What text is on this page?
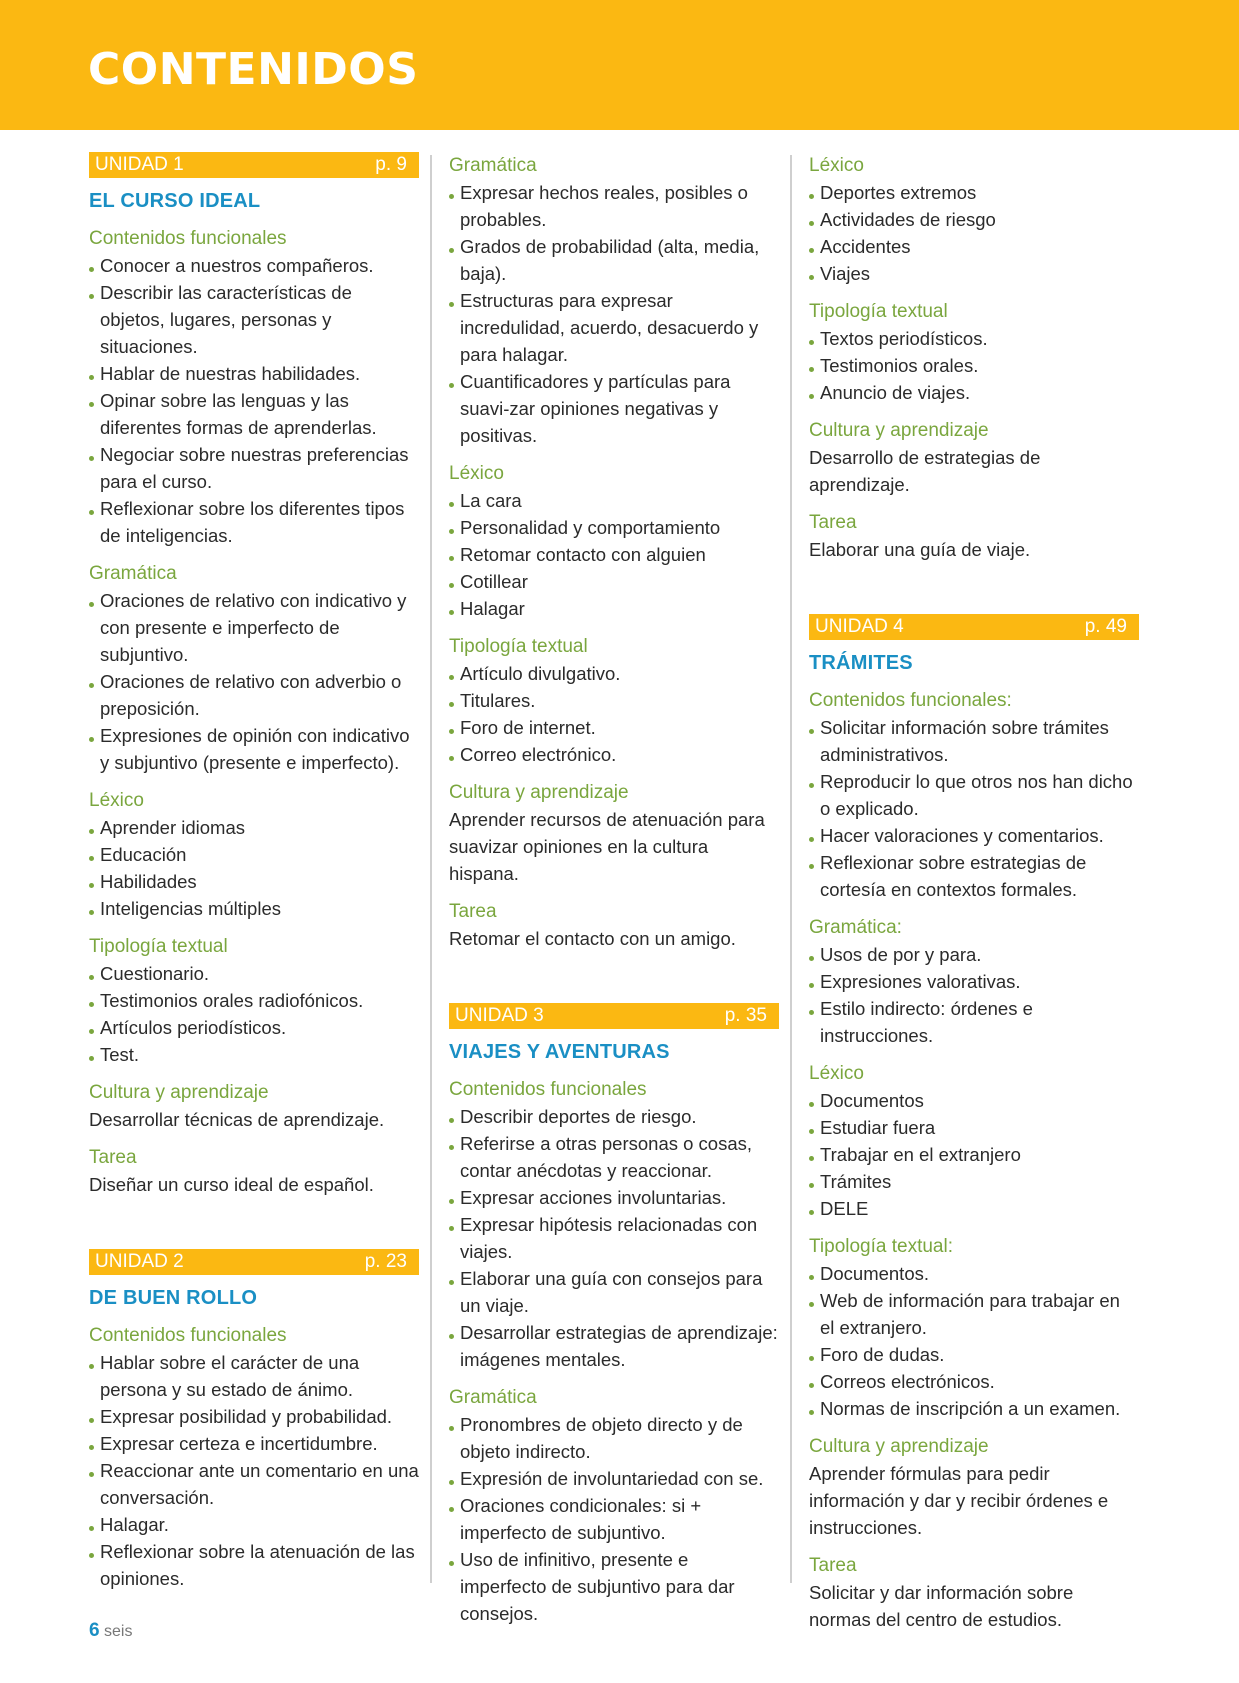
CONTENIDOS
UNIDAD 1	p. 9
EL CURSO IDEAL
Contenidos funcionales
Conocer a nuestros compañeros.
Describir las características de objetos, lugares, personas y situaciones.
Hablar de nuestras habilidades.
Opinar sobre las lenguas y las diferentes formas de aprenderlas.
Negociar sobre nuestras preferencias para el curso.
Reflexionar sobre los diferentes tipos de inteligencias.
Gramática
Oraciones de relativo con indicativo y con presente e imperfecto de subjuntivo.
Oraciones de relativo con adverbio o preposición.
Expresiones de opinión con indicativo y subjuntivo (presente e imperfecto).
Léxico
Aprender idiomas
Educación
Habilidades
Inteligencias múltiples
Tipología textual
Cuestionario.
Testimonios orales radiofónicos.
Artículos periodísticos.
Test.
Cultura y aprendizaje
Desarrollar técnicas de aprendizaje.
Tarea
Diseñar un curso ideal de español.
UNIDAD 2	p. 23
DE BUEN ROLLO
Contenidos funcionales
Hablar sobre el carácter de una persona y su estado de ánimo.
Expresar posibilidad y probabilidad.
Expresar certeza e incertidumbre.
Reaccionar ante un comentario en una conversación.
Halagar.
Reflexionar sobre la atenuación de las opiniones.
Gramática
Expresar hechos reales, posibles o probables.
Grados de probabilidad (alta, media, baja).
Estructuras para expresar incredulidad, acuerdo, desacuerdo y para halagar.
Cuantificadores y partículas para suavi-zar opiniones negativas y positivas.
Léxico
La cara
Personalidad y comportamiento
Retomar contacto con alguien
Cotillear
Halagar
Tipología textual
Artículo divulgativo.
Titulares.
Foro de internet.
Correo electrónico.
Cultura y aprendizaje
Aprender recursos de atenuación para suavizar opiniones en la cultura hispana.
Tarea
Retomar el contacto con un amigo.
UNIDAD 3	p. 35
VIAJES Y AVENTURAS
Contenidos funcionales
Describir deportes de riesgo.
Referirse a otras personas o cosas, contar anécdotas y reaccionar.
Expresar acciones involuntarias.
Expresar hipótesis relacionadas con viajes.
Elaborar una guía con consejos para un viaje.
Desarrollar estrategias de aprendizaje: imágenes mentales.
Gramática
Pronombres de objeto directo y de objeto indirecto.
Expresión de involuntariedad con se.
Oraciones condicionales: si + imperfecto de subjuntivo.
Uso de infinitivo, presente e imperfecto de subjuntivo para dar consejos.
Léxico
Deportes extremos
Actividades de riesgo
Accidentes
Viajes
Tipología textual
Textos periodísticos.
Testimonios orales.
Anuncio de viajes.
Cultura y aprendizaje
Desarrollo de estrategias de aprendizaje.
Tarea
Elaborar una guía de viaje.
UNIDAD 4	p. 49
TRÁMITES
Contenidos funcionales:
Solicitar información sobre trámites administrativos.
Reproducir lo que otros nos han dicho o explicado.
Hacer valoraciones y comentarios.
Reflexionar sobre estrategias de cortesía en contextos formales.
Gramática:
Usos de por y para.
Expresiones valorativas.
Estilo indirecto: órdenes e instrucciones.
Léxico
Documentos
Estudiar fuera
Trabajar en el extranjero
Trámites
DELE
Tipología textual:
Documentos.
Web de información para trabajar en el extranjero.
Foro de dudas.
Correos electrónicos.
Normas de inscripción a un examen.
Cultura y aprendizaje
Aprender fórmulas para pedir información y dar y recibir órdenes e instrucciones.
Tarea
Solicitar y dar información sobre normas del centro de estudios.
6 seis
